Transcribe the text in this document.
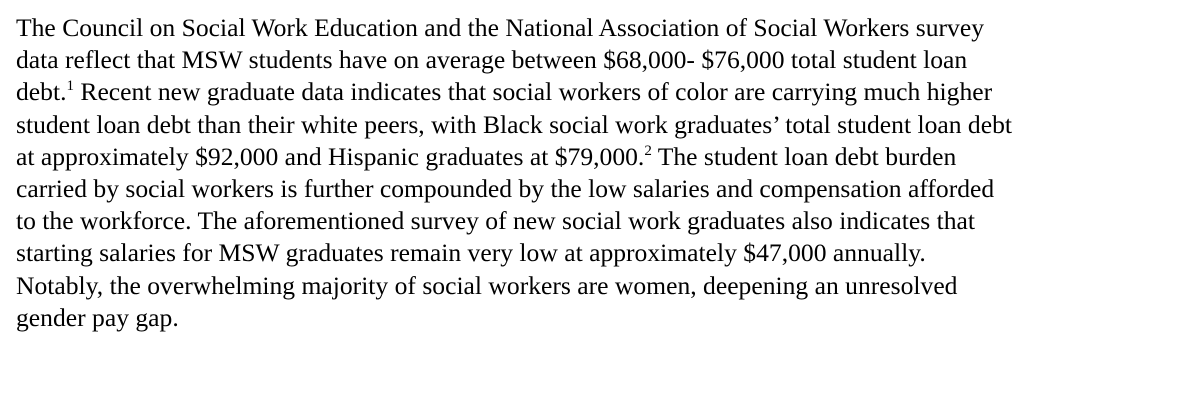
The Council on Social Work Education and the National Association of Social Workers survey
data reflect that MSW students have on average between $68,000- $76,000 total student loan
debt.$^1$ Recent new graduate data indicates that social workers of color are carrying much higher
student loan debt than their white peers, with Black social work graduates’ total student loan debt
at approximately $92,000 and Hispanic graduates at $79,000.$^2$ The student loan debt burden
carried by social workers is further compounded by the low salaries and compensation afforded
to the workforce. The aforementioned survey of new social work graduates also indicates that
starting salaries for MSW graduates remain very low at approximately $47,000 annually.
Notably, the overwhelming majority of social workers are women, deepening an unresolved
gender pay gap.
